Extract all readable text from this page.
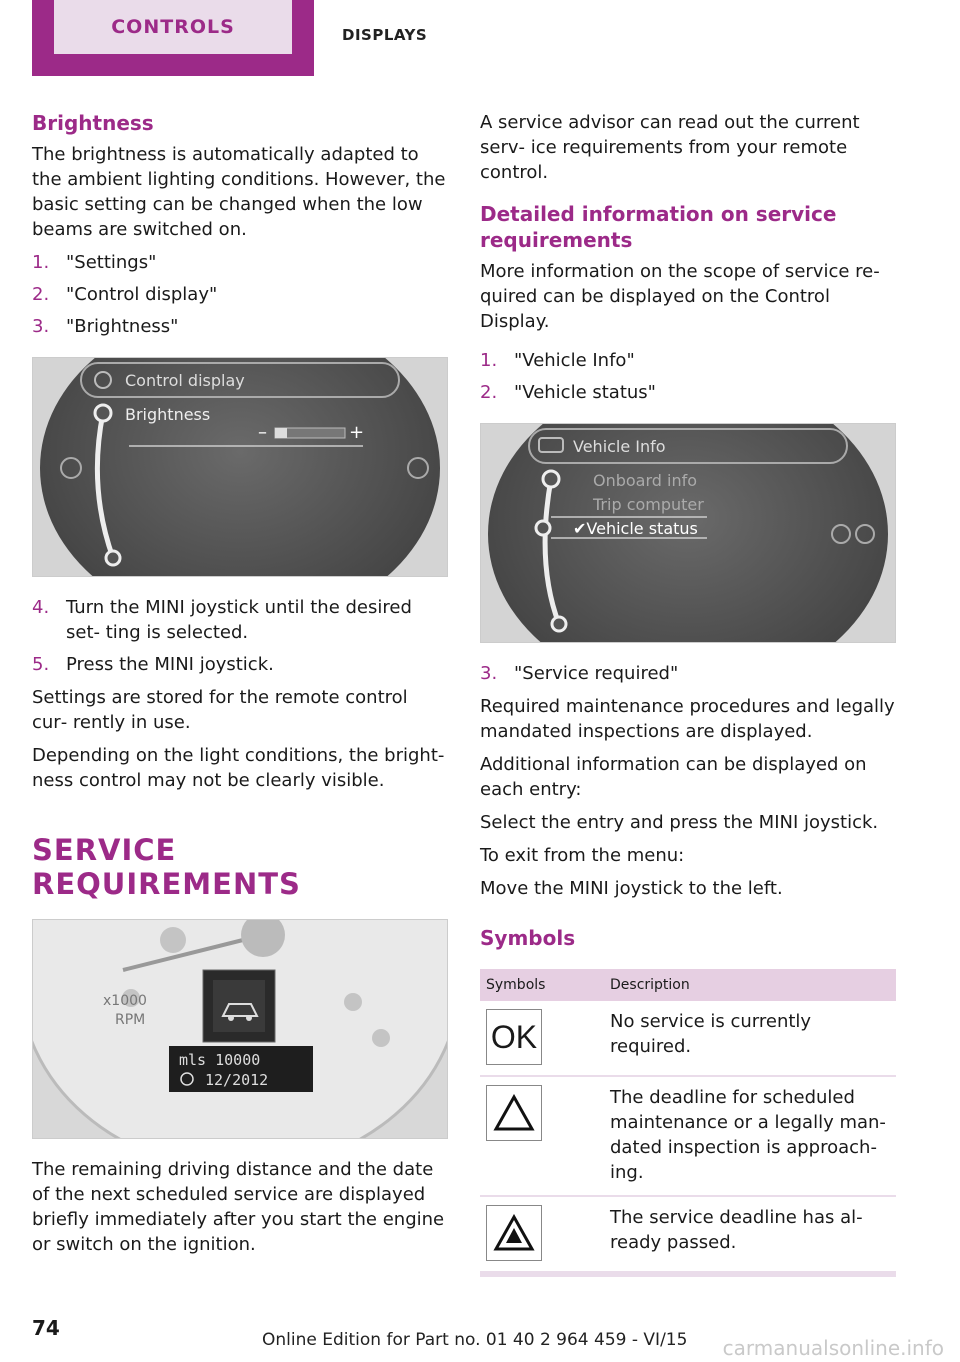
CONTROLS	DISPLAYS
Brightness

The brightness is automatically adapted to the ambient lighting conditions. However, the basic setting can be changed when the low beams are switched on.

1. "Settings"
2. "Control display"
3. "Brightness"
Control display
Brightness
–	+
4. Turn the MINI joystick until the desired set‐ ting is selected.
5. Press the MINI joystick.

Settings are stored for the remote control cur‐ rently in use.

Depending on the light conditions, the bright‐ ness control may not be clearly visible.

SERVICE REQUIREMENTS
x1000
RPM
mls 10000
12/2012

The remaining driving distance and the date of the next scheduled service are displayed briefly immediately after you start the engine or switch on the ignition.

A service advisor can read out the current serv‐ ice requirements from your remote control.

Detailed information on service requirements

More information on the scope of service re‐ quired can be displayed on the Control Display.

1. "Vehicle Info"
2. "Vehicle status"
Vehicle Info
Onboard info
Trip computer
✔Vehicle status
3. "Service required"

Required maintenance procedures and legally mandated inspections are displayed.

Additional information can be displayed on each entry:

Select the entry and press the MINI joystick.

To exit from the menu:

Move the MINI joystick to the left.

Symbols
Symbols	Description

OK	No service is currently required.

	The deadline for scheduled maintenance or a legally man‐ dated inspection is approach‐ ing.

	The service deadline has al‐ ready passed.
74	Online Edition for Part no. 01 40 2 964 459 - VI/15 carmanualsonline.info
